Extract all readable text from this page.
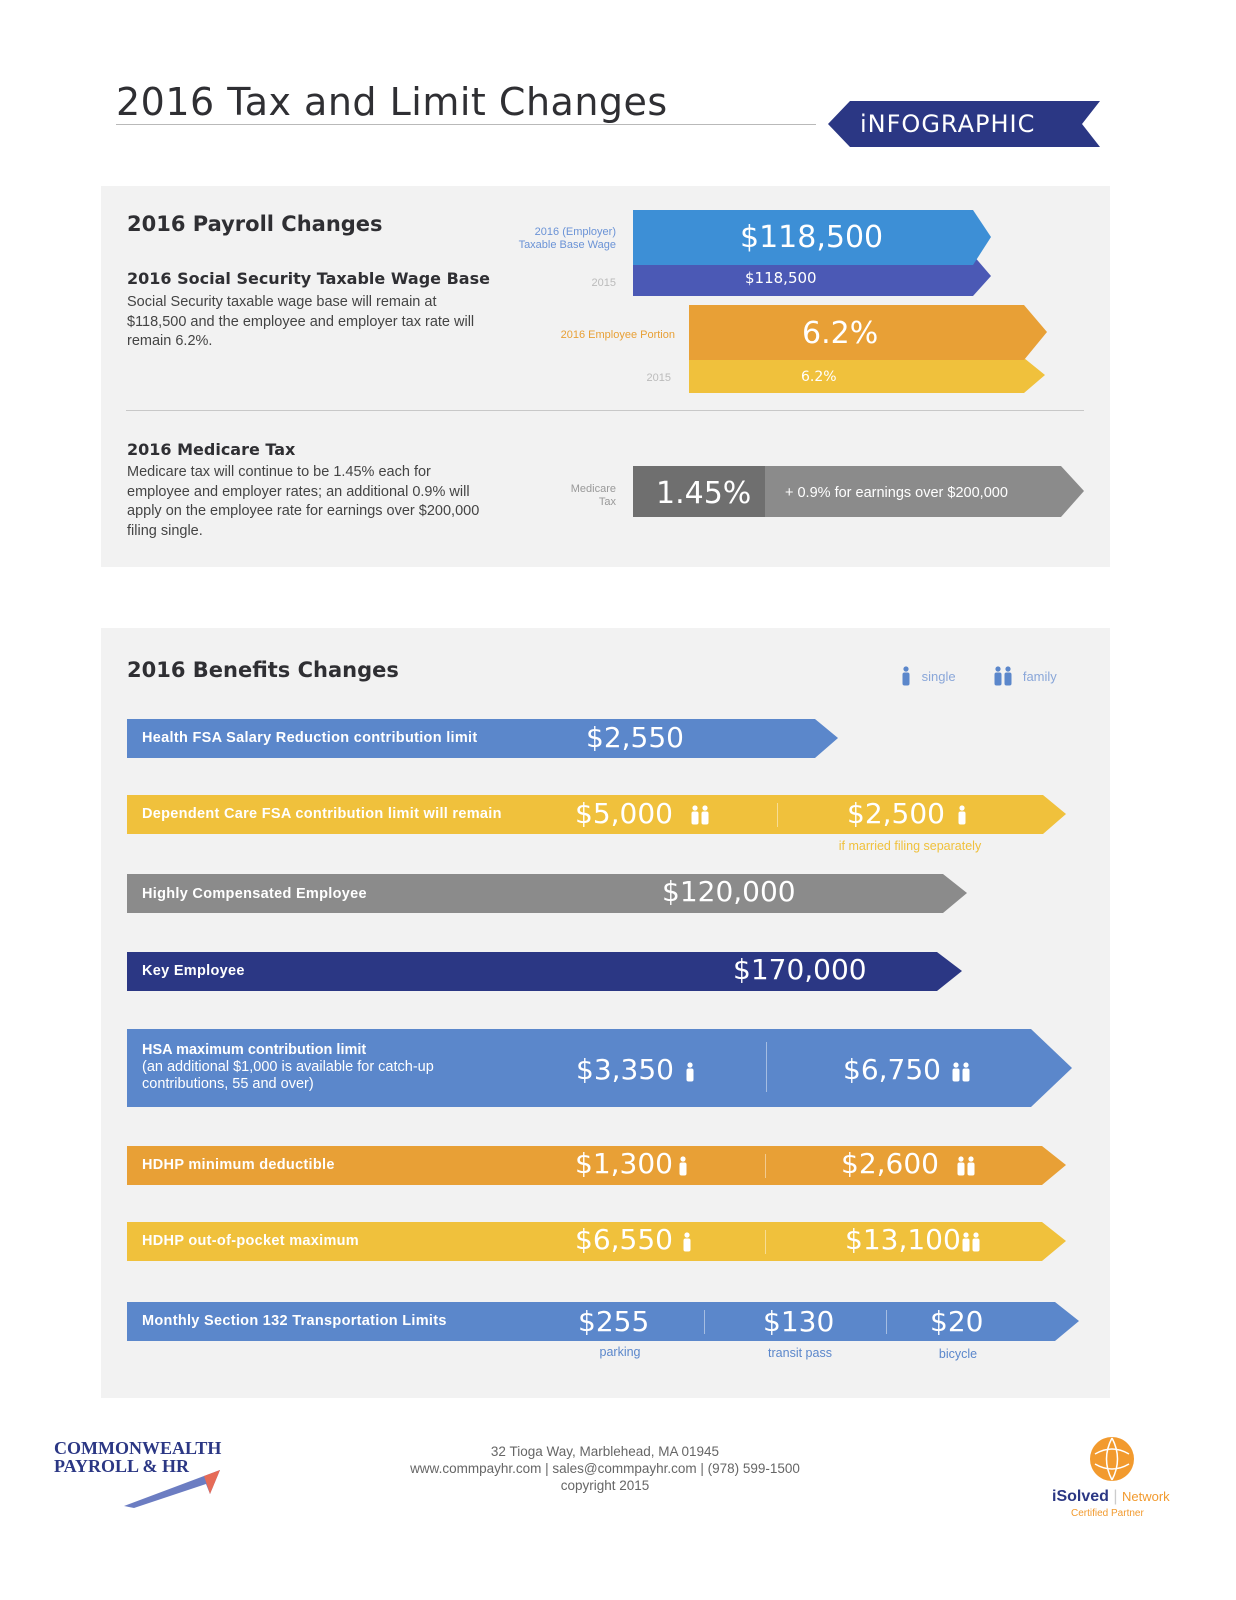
2016 Tax and Limit Changes	iNFOGRAPHIC
2016 Payroll Changes
2016 Social Security Taxable Wage Base
Social Security taxable wage base will remain at $118,500 and the employee and employer tax rate will remain 6.2%.
2016 (Employer)
Taxable Base Wage	$118,500
2015	$118,500
2016 Employee Portion	6.2%
2015	6.2%
2016 Medicare Tax
Medicare tax will continue to be 1.45% each for employee and employer rates; an additional 0.9% will apply on the employee rate for earnings over $200,000 filing single.
Medicare
Tax 1.45% + 0.9% for earnings over $200,000
2016 Benefits Changes	single	family
Health FSA Salary Reduction contribution limit	$2,550
Dependent Care FSA contribution limit will remain	$5,000	$2,500
if married filing separately
Highly Compensated Employee	$120,000
Key Employee	$170,000
HSA maximum contribution limit
(an additional $1,000 is available for catch-up
contributions, 55 and over)	$3,350	$6,750
HDHP minimum deductible	$1,300	$2,600
HDHP out-of-pocket maximum	$6,550	$13,100
Monthly Section 132 Transportation Limits	$255	$130	$20
parking	transit pass	bicycle
COMMONWEALTH
PAYROLL & HR
32 Tioga Way, Marblehead, MA 01945
www.commpayhr.com | sales@commpayhr.com | (978) 599-1500
copyright 2015
iSolved | Network
Certified Partner
